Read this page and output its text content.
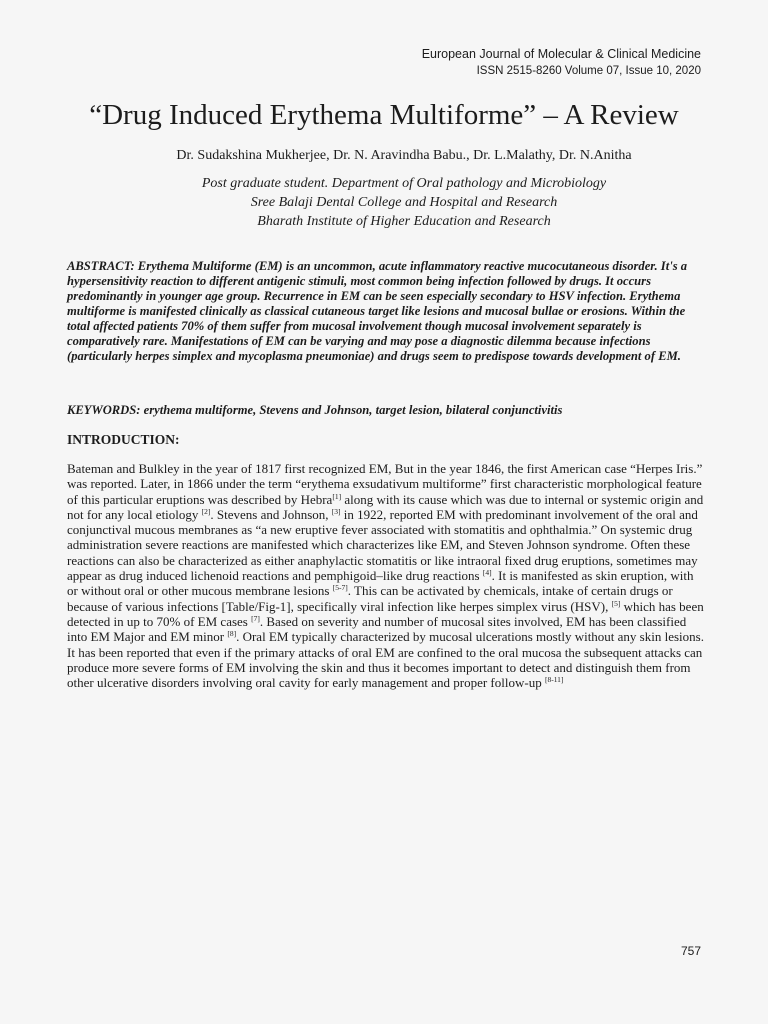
European Journal of Molecular & Clinical Medicine
ISSN 2515-8260 Volume 07, Issue 10, 2020
“Drug Induced Erythema Multiforme” – A Review
Dr. Sudakshina Mukherjee, Dr. N. Aravindha Babu., Dr. L.Malathy, Dr. N.Anitha
Post graduate student. Department of Oral pathology and Microbiology
Sree Balaji Dental College and Hospital and Research
Bharath Institute of Higher Education and Research
ABSTRACT: Erythema Multiforme (EM) is an uncommon, acute inflammatory reactive mucocutaneous disorder. It's a hypersensitivity reaction to different antigenic stimuli, most common being infection followed by drugs. It occurs predominantly in younger age group. Recurrence in EM can be seen especially secondary to HSV infection. Erythema multiforme is manifested clinically as classical cutaneous target like lesions and mucosal bullae or erosions. Within the total affected patients 70% of them suffer from mucosal involvement though mucosal involvement separately is comparatively rare. Manifestations of EM can be varying and may pose a diagnostic dilemma because infections (particularly herpes simplex and mycoplasma pneumoniae) and drugs seem to predispose towards development of EM.
KEYWORDS: erythema multiforme, Stevens and Johnson, target lesion, bilateral conjunctivitis
INTRODUCTION:
Bateman and Bulkley in the year of 1817 first recognized EM, But in the year 1846, the first American case “Herpes Iris.” was reported. Later, in 1866 under the term “erythema exsudativum multiforme” first characteristic morphological feature of this particular eruptions was described by Hebra[1] along with its cause which was due to internal or systemic origin and not for any local etiology [2]. Stevens and Johnson, [3] in 1922, reported EM with predominant involvement of the oral and conjunctival mucous membranes as “a new eruptive fever associated with stomatitis and ophthalmia.” On systemic drug administration severe reactions are manifested which characterizes like EM, and Steven Johnson syndrome. Often these reactions can also be characterized as either anaphylactic stomatitis or like intraoral fixed drug eruptions, sometimes may appear as drug induced lichenoid reactions and pemphigoid–like drug reactions [4]. It is manifested as skin eruption, with or without oral or other mucous membrane lesions [5-7]. This can be activated by chemicals, intake of certain drugs or because of various infections [Table/Fig-1], specifically viral infection like herpes simplex virus (HSV), [5] which has been detected in up to 70% of EM cases [7]. Based on severity and number of mucosal sites involved, EM has been classified into EM Major and EM minor [8]. Oral EM typically characterized by mucosal ulcerations mostly without any skin lesions. It has been reported that even if the primary attacks of oral EM are confined to the oral mucosa the subsequent attacks can produce more severe forms of EM involving the skin and thus it becomes important to detect and distinguish them from other ulcerative disorders involving oral cavity for early management and proper follow-up [8-11]
757
